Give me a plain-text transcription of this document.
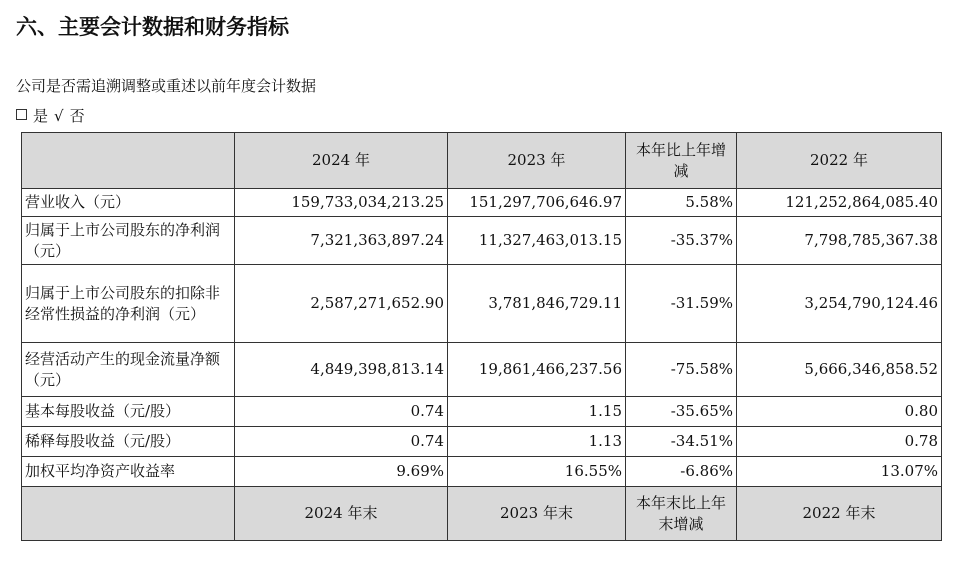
六、主要会计数据和财务指标
公司是否需追溯调整或重述以前年度会计数据
是 √ 否
	2024 年	2023 年	本年比上年增减	2022 年
营业收入（元）	159,733,034,213.25	151,297,706,646.97	5.58%	121,252,864,085.40
归属于上市公司股东的净利润（元）	7,321,363,897.24	11,327,463,013.15	-35.37%	7,798,785,367.38
归属于上市公司股东的扣除非经常性损益的净利润（元）	2,587,271,652.90	3,781,846,729.11	-31.59%	3,254,790,124.46
经营活动产生的现金流量净额（元）	4,849,398,813.14	19,861,466,237.56	-75.58%	5,666,346,858.52
基本每股收益（元/股）	0.74	1.15	-35.65%	0.80
稀释每股收益（元/股）	0.74	1.13	-34.51%	0.78
加权平均净资产收益率	9.69%	16.55%	-6.86%	13.07%
	2024 年末	2023 年末	本年末比上年末增减	2022 年末
